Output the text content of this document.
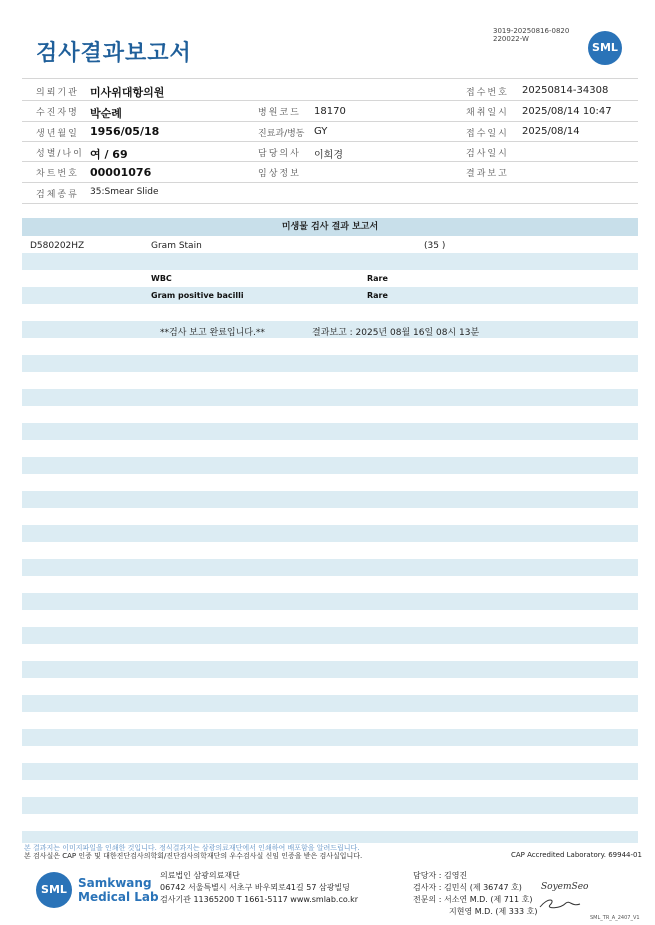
검사결과보고서
3019-20250816-0820
220022-W
SML
의뢰기관 미사위대항의원	접수번호 20250814-34308
수진자명 박순례	병원코드 18170	채취일시 2025/08/14 10:47
생년월일 1956/05/18	진료과/병동 GY	접수일시 2025/08/14
성별/나이 여 / 69	담당의사 이희경	검사일시
차트번호 00001076	임상정보	결과보고
검체종류 35:Smear Slide
미생물 검사 결과 보고서
D580202HZ	Gram Stain	(35 )
WBC	Rare
Gram positive bacilli	Rare
**검사 보고 완료입니다.**	결과보고 : 2025년 08월 16일 08시 13분
본 결과지는 이미지파일을 인쇄한 것입니다. 정식결과지는 삼광의료재단에서 인쇄하여 배포함을 알려드립니다.
본 검사실은 CAP 인증 및 대한진단검사의학회/진단검사의학재단의 우수검사실 신임 인증을 받은 검사실입니다.	CAP Accredited Laboratory. 69944-01
SML Samkwang
Medical Lab
의료법인 삼광의료재단
06742 서울특별시 서초구 바우뫼로41길 57 삼광빌딩
검사기관 11365200 T 1661-5117 www.smlab.co.kr
담당자 : 김영진
검사자 : 김민식 (제 36747 호)
전문의 : 서소연 M.D. (제 711 호)
지현영 M.D. (제 333 호)
SoyemSeo
SML_TR_A_2407_V1
